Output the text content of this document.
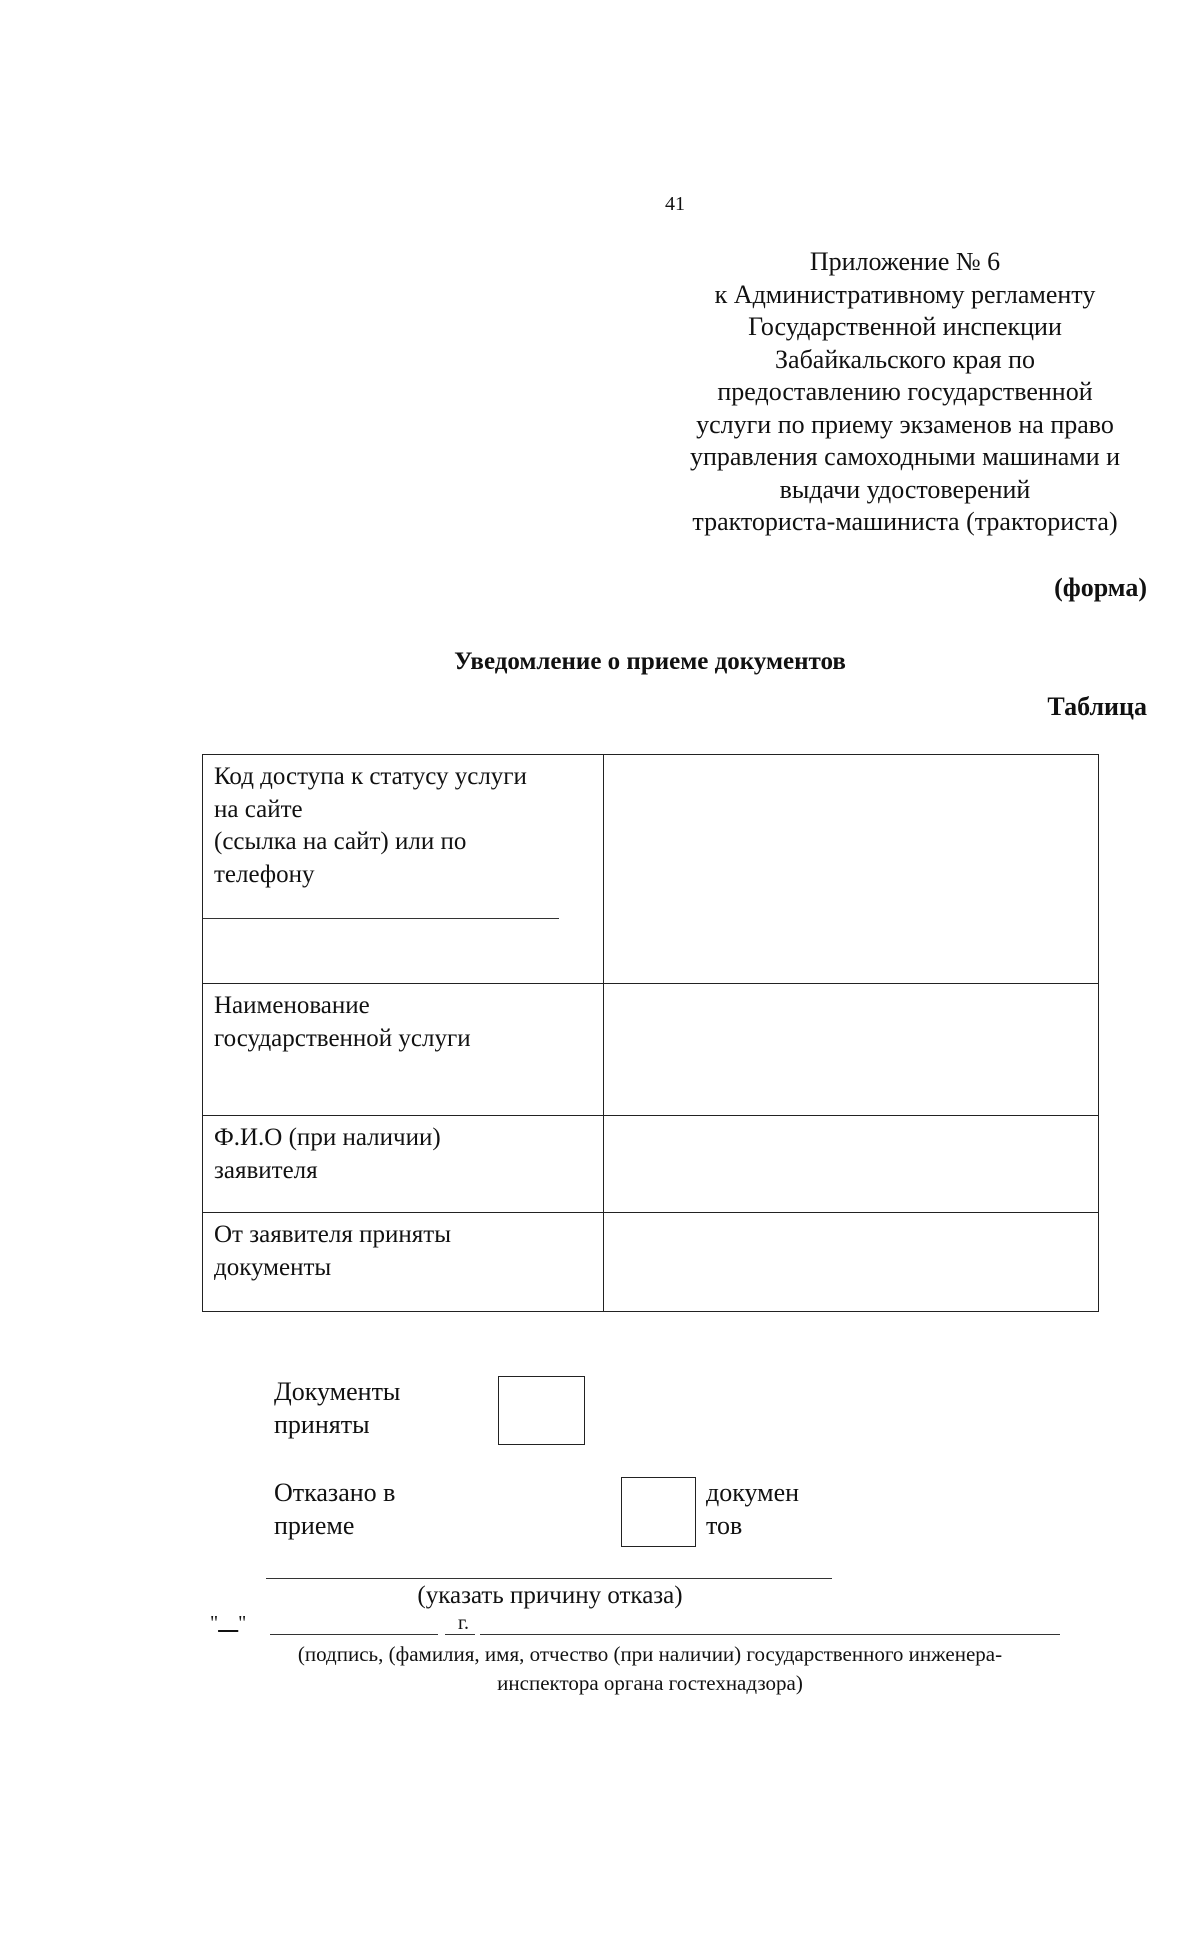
41
Приложение № 6
к Административному регламенту
Государственной инспекции
Забайкальского края по
предоставлению государственной
услуги по приему экзаменов на право
управления самоходными машинами и
выдачи удостоверений
тракториста-машиниста (тракториста)
(форма)
Уведомление о приеме документов
Таблица
Код доступа к статусу услуги
на сайте
(ссылка на сайт) или по
телефону
Наименование
государственной услуги
Ф.И.О (при наличии)
заявителя
От заявителя приняты
документы
Документы
приняты
Отказано в
приеме
докумен
тов
(указать причину отказа)
"__"	г.
(подпись, (фамилия, имя, отчество (при наличии) государственного инженера-
инспектора органа гостехнадзора)
